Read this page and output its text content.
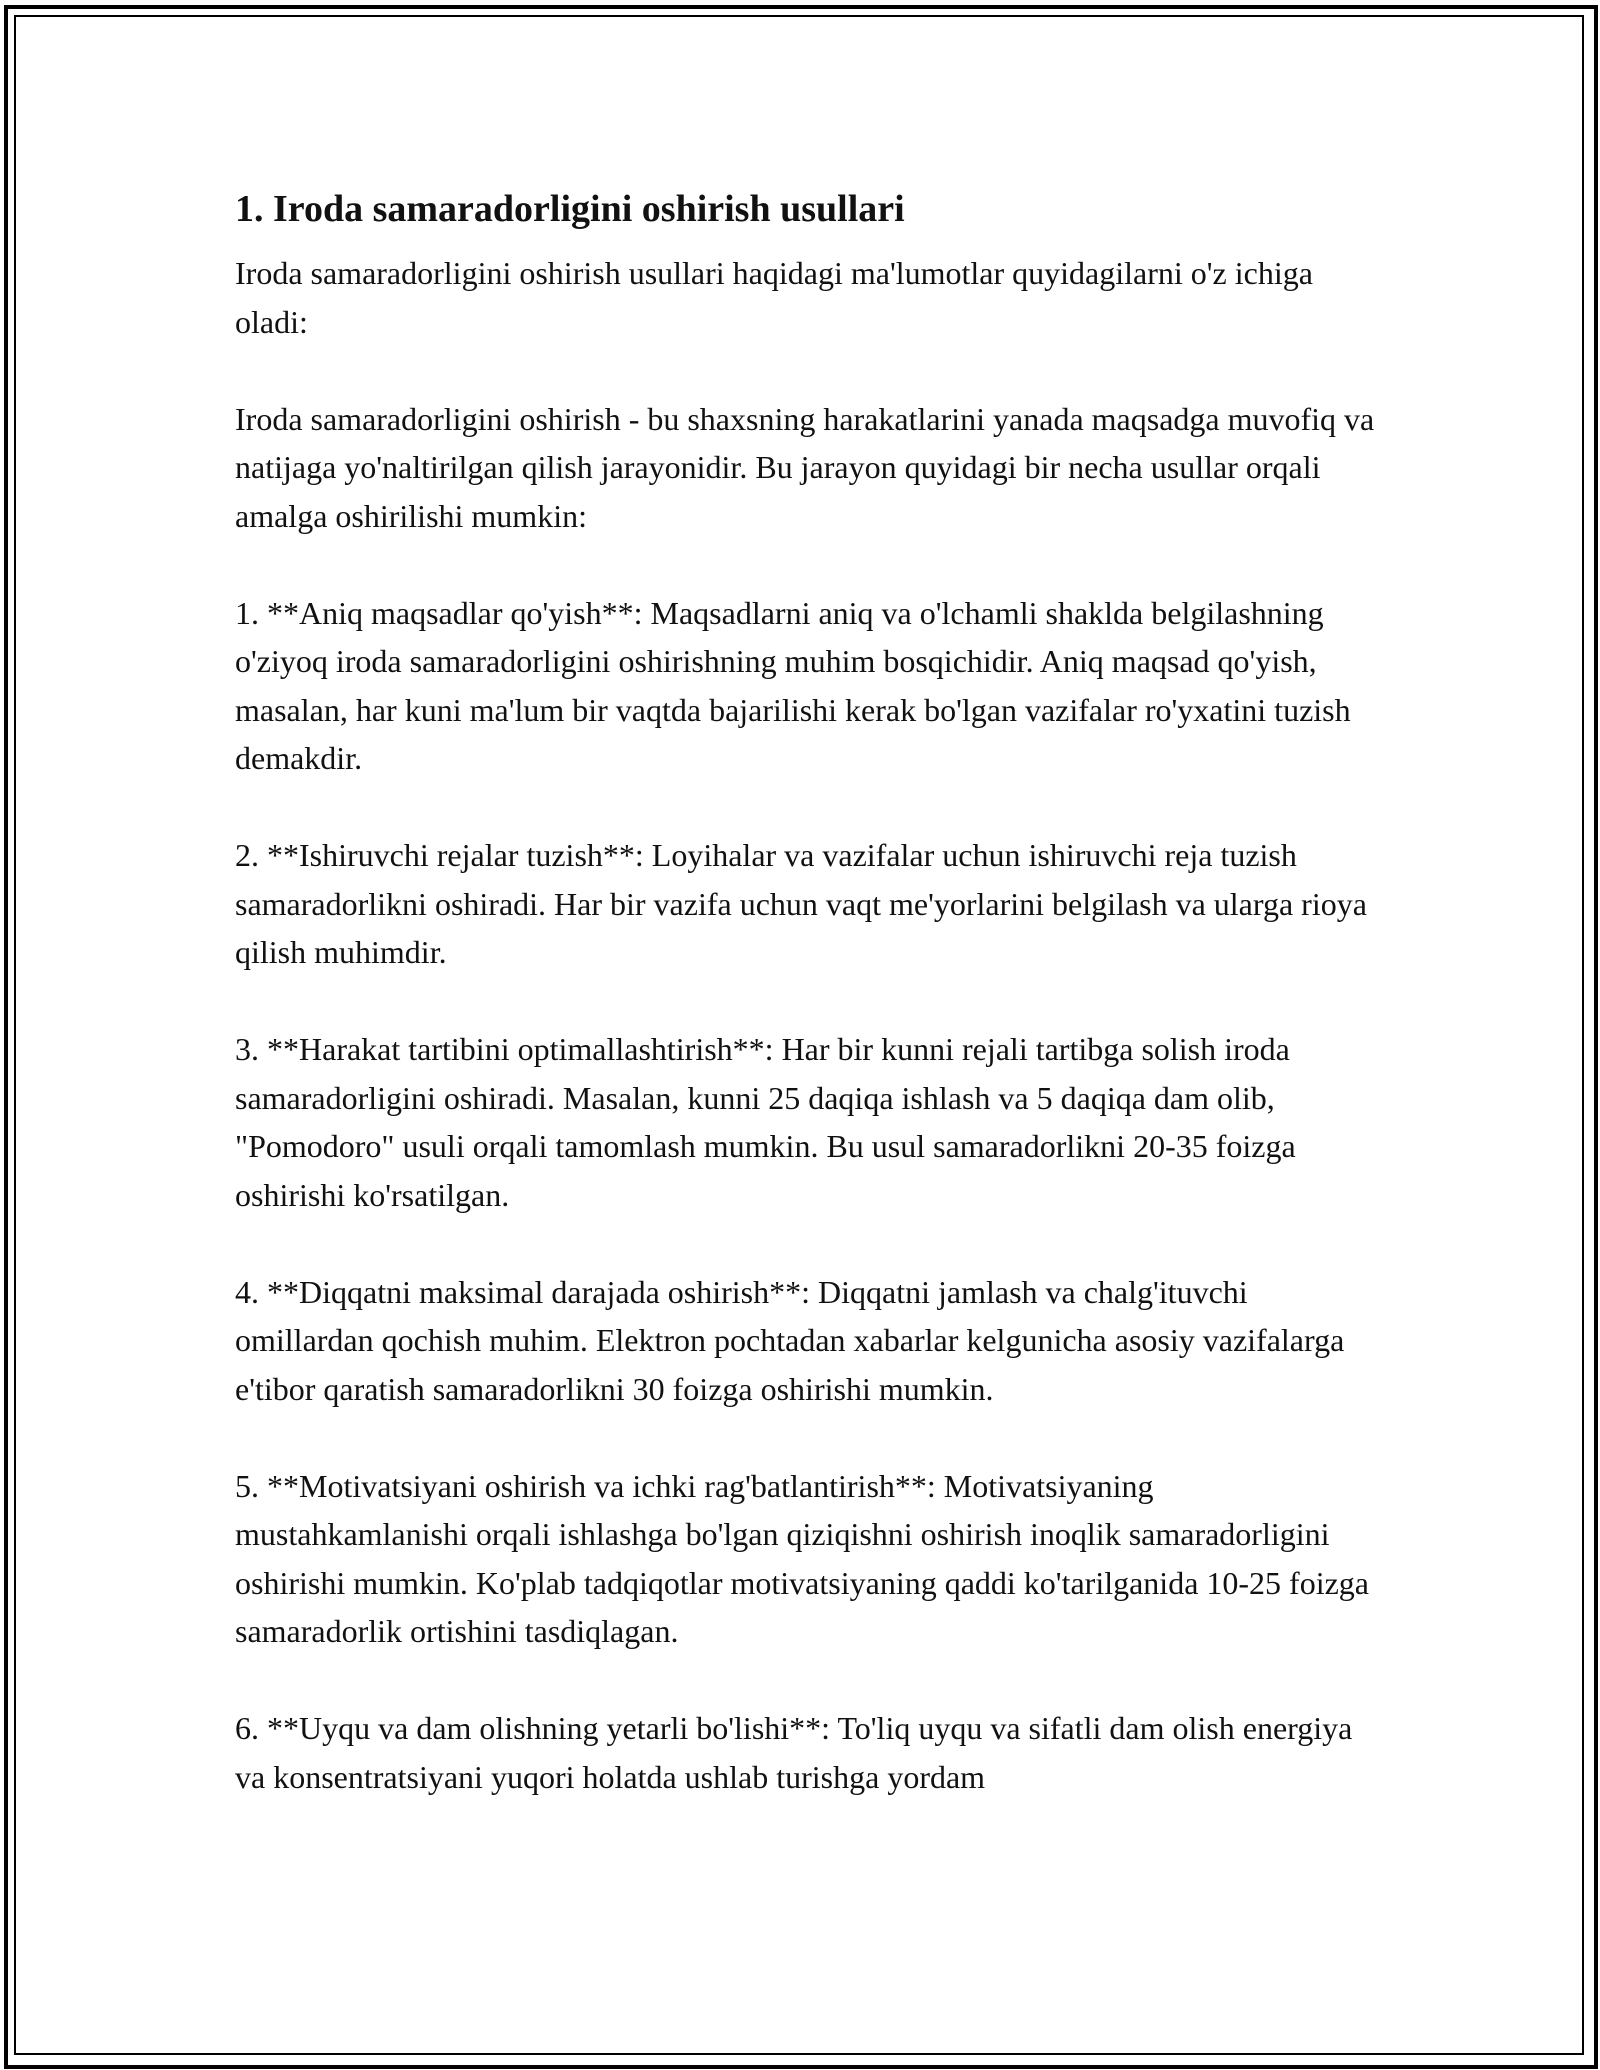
1. Iroda samaradorligini oshirish usullari

Iroda samaradorligini oshirish usullari haqidagi ma'lumotlar quyidagilarni o'z ichiga oladi:

Iroda samaradorligini oshirish - bu shaxsning harakatlarini yanada maqsadga muvofiq va natijaga yo'naltirilgan qilish jarayonidir. Bu jarayon quyidagi bir necha usullar orqali amalga oshirilishi mumkin:

1. **Aniq maqsadlar qo'yish**: Maqsadlarni aniq va o'lchamli shaklda belgilashning o'ziyoq iroda samaradorligini oshirishning muhim bosqichidir. Aniq maqsad qo'yish, masalan, har kuni ma'lum bir vaqtda bajarilishi kerak bo'lgan vazifalar ro'yxatini tuzish demakdir.

2. **Ishiruvchi rejalar tuzish**: Loyihalar va vazifalar uchun ishiruvchi reja tuzish samaradorlikni oshiradi. Har bir vazifa uchun vaqt me'yorlarini belgilash va ularga rioya qilish muhimdir.

3. **Harakat tartibini optimallashtirish**: Har bir kunni rejali tartibga solish iroda samaradorligini oshiradi. Masalan, kunni 25 daqiqa ishlash va 5 daqiqa dam olib, "Pomodoro" usuli orqali tamomlash mumkin. Bu usul samaradorlikni 20-35 foizga oshirishi ko'rsatilgan.

4. **Diqqatni maksimal darajada oshirish**: Diqqatni jamlash va chalg'ituvchi omillardan qochish muhim. Elektron pochtadan xabarlar kelgunicha asosiy vazifalarga e'tibor qaratish samaradorlikni 30 foizga oshirishi mumkin.

5. **Motivatsiyani oshirish va ichki rag'batlantirish**: Motivatsiyaning mustahkamlanishi orqali ishlashga bo'lgan qiziqishni oshirish inoqlik samaradorligini oshirishi mumkin. Ko'plab tadqiqotlar motivatsiyaning qaddi ko'tarilganida 10-25 foizga samaradorlik ortishini tasdiqlagan.

6. **Uyqu va dam olishning yetarli bo'lishi**: To'liq uyqu va sifatli dam olish energiya va konsentratsiyani yuqori holatda ushlab turishga yordam
